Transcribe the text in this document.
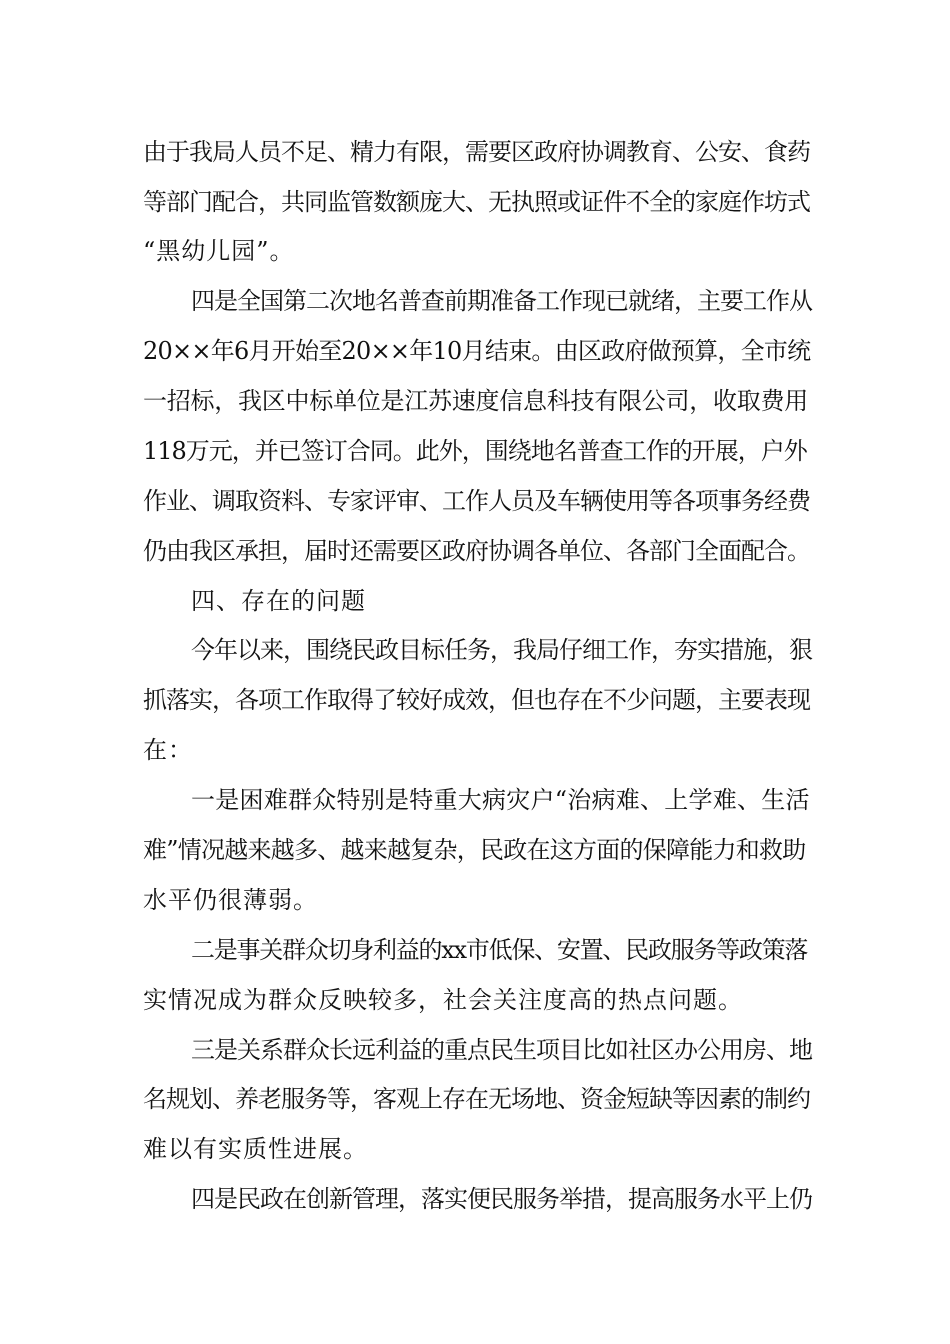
由于我局人员不足、精力有限，需要区政府协调教育、公安、食药
等部门配合，共同监管数额庞大、无执照或证件不全的家庭作坊式
“黑幼儿园”。
四是全国第二次地名普查前期准备工作现已就绪，主要工作从
20××年6月开始至20××年10月结束。由区政府做预算，全市统
一招标，我区中标单位是江苏速度信息科技有限公司，收取费用
118万元，并已签订合同。此外，围绕地名普查工作的开展，户外
作业、调取资料、专家评审、工作人员及车辆使用等各项事务经费
仍由我区承担，届时还需要区政府协调各单位、各部门全面配合。
四、存在的问题
今年以来，围绕民政目标任务，我局仔细工作，夯实措施，狠
抓落实，各项工作取得了较好成效，但也存在不少问题，主要表现
在：
一是困难群众特别是特重大病灾户“治病难、上学难、生活
难”情况越来越多、越来越复杂，民政在这方面的保障能力和救助
水平仍很薄弱。
二是事关群众切身利益的xx市低保、安置、民政服务等政策落
实情况成为群众反映较多，社会关注度高的热点问题。
三是关系群众长远利益的重点民生项目比如社区办公用房、地
名规划、养老服务等，客观上存在无场地、资金短缺等因素的制约
难以有实质性进展。
四是民政在创新管理，落实便民服务举措，提高服务水平上仍
